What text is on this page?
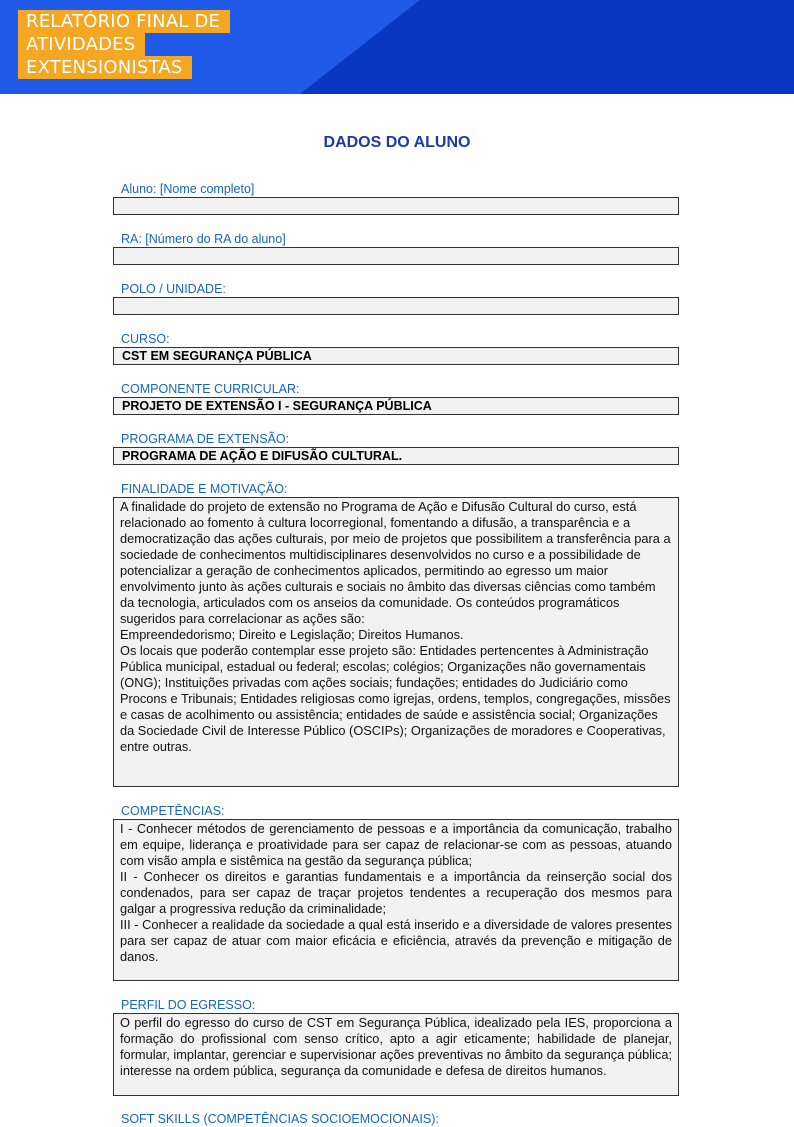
RELATÓRIO FINAL DE
ATIVIDADES
EXTENSIONISTAS
DADOS DO ALUNO
Aluno: [Nome completo]
RA: [Número do RA do aluno]
POLO / UNIDADE:
CURSO:
CST EM SEGURANÇA PÚBLICA
COMPONENTE CURRICULAR:
PROJETO DE EXTENSÃO I - SEGURANÇA PÚBLICA
PROGRAMA DE EXTENSÃO:
PROGRAMA DE AÇÃO E DIFUSÃO CULTURAL.
FINALIDADE E MOTIVAÇÃO:

A finalidade do projeto de extensão no Programa de Ação e Difusão Cultural do curso, está relacionado ao fomento à cultura locorregional, fomentando a difusão, a transparência e a democratização das ações culturais, por meio de projetos que possibilitem a transferência para a sociedade de conhecimentos multidisciplinares desenvolvidos no curso e a possibilidade de potencializar a geração de conhecimentos aplicados, permitindo ao egresso um maior envolvimento junto às ações culturais e sociais no âmbito das diversas ciências como também da tecnologia, articulados com os anseios da comunidade. Os conteúdos programáticos sugeridos para correlacionar as ações são:

Empreendedorismo; Direito e Legislação; Direitos Humanos.

Os locais que poderão contemplar esse projeto são: Entidades pertencentes à Administração Pública municipal, estadual ou federal; escolas; colégios; Organizações não governamentais (ONG); Instituições privadas com ações sociais; fundações; entidades do Judiciário como Procons e Tribunais; Entidades religiosas como igrejas, ordens, templos, congregações, missões e casas de acolhimento ou assistência; entidades de saúde e assistência social; Organizações da Sociedade Civil de Interesse Público (OSCIPs); Organizações de moradores e Cooperativas, entre outras.

COMPETÊNCIAS:

I - Conhecer métodos de gerenciamento de pessoas e a importância da comunicação, trabalho em equipe, liderança e proatividade para ser capaz de relacionar-se com as pessoas, atuando com visão ampla e sistêmica na gestão da segurança pública;

II - Conhecer os direitos e garantias fundamentais e a importância da reinserção social dos condenados, para ser capaz de traçar projetos tendentes a recuperação dos mesmos para galgar a progressiva redução da criminalidade;

III - Conhecer a realidade da sociedade a qual está inserido e a diversidade de valores presentes para ser capaz de atuar com maior eficácia e eficiência, através da prevenção e mitigação de danos.

PERFIL DO EGRESSO:

O perfil do egresso do curso de CST em Segurança Pública, idealizado pela IES, proporciona a formação do profissional com senso crítico, apto a agir eticamente; habilidade de planejar, formular, implantar, gerenciar e supervisionar ações preventivas no âmbito da segurança pública; interesse na ordem pública, segurança da comunidade e defesa de direitos humanos.

SOFT SKILLS (COMPETÊNCIAS SOCIOEMOCIONAIS):
